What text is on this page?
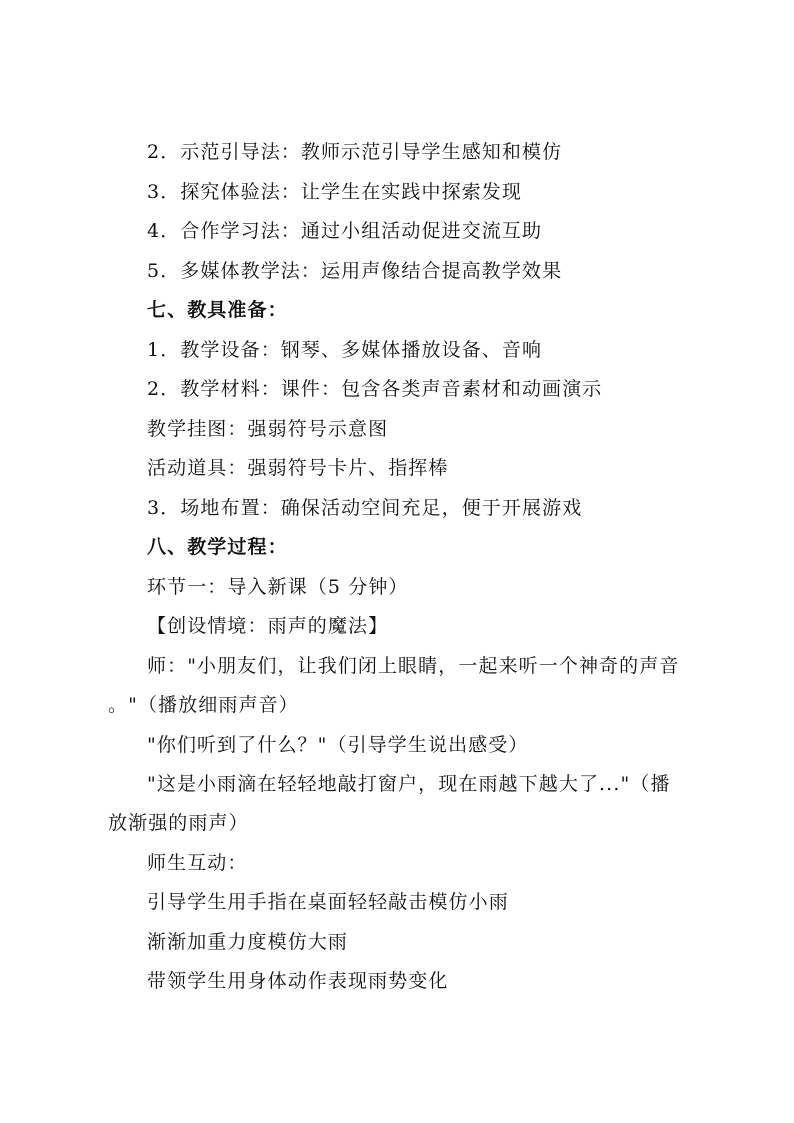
2．示范引导法：教师示范引导学生感知和模仿
3．探究体验法：让学生在实践中探索发现
4．合作学习法：通过小组活动促进交流互助
5．多媒体教学法：运用声像结合提高教学效果
七、教具准备：
1．教学设备：钢琴、多媒体播放设备、音响
2．教学材料：课件：包含各类声音素材和动画演示
教学挂图：强弱符号示意图
活动道具：强弱符号卡片、指挥棒
3．场地布置：确保活动空间充足，便于开展游戏
八、教学过程：
环节一：导入新课（5 分钟）
【创设情境：雨声的魔法】
师："小朋友们，让我们闭上眼睛，一起来听一个神奇的声音
。"（播放细雨声音）
"你们听到了什么？"（引导学生说出感受）
"这是小雨滴在轻轻地敲打窗户，现在雨越下越大了..."（播
放渐强的雨声）
师生互动：
引导学生用手指在桌面轻轻敲击模仿小雨
渐渐加重力度模仿大雨
带领学生用身体动作表现雨势变化
